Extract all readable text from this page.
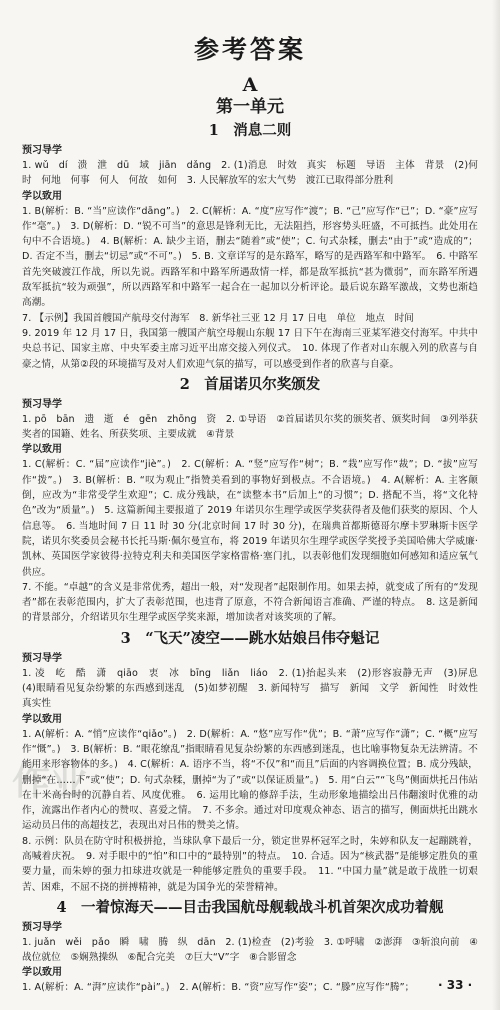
参考答案
A
第一单元
1　消息二则
预习导学

1. wǔ　dí　溃　泄　dū　域　jiān　dǎng　2. (1)消息　时效　真实　标题　导语　主体　背景　(2)何时　何地　何事　何人　何故　如何　3. 人民解放军的宏大气势　渡江已取得部分胜利

学以致用

1. B(解析：B. “当”应读作“dāng”。)　2. C(解析：A. “度”应写作“渡”；B. “己”应写作“已”；D. “豪”应写作“毫”。)　3. D(解析：D. “锐不可当”的意思是锋利无比，无法阻挡，形容势头旺盛，不可抵挡。此处用在句中不合语境。)　4. B(解析：A. 缺少主语，删去“随着”或“使”；C. 句式杂糅，删去“由于”或“造成的”；D. 否定不当，删去“切忌”或“不可”。)　5. B. 文章详写的是东路军，略写的是西路军和中路军。　6. 中路军首先突破渡江作战，所以先说。西路军和中路军所遇敌情一样，都是敌军抵抗“甚为微弱”，而东路军所遇敌军抵抗“较为顽强”，所以西路军和中路军一起合在一起加以分析评论。最后说东路军激战，文势也渐趋高潮。

7. 【示例】我国首艘国产航母交付海军　8. 新华社三亚 12 月 17 日电　单位　地点　时间

9. 2019 年 12 月 17 日，我国第一艘国产航空母舰山东舰 17 日下午在海南三亚某军港交付海军。中共中央总书记、国家主席、中央军委主席习近平出席交接入列仪式。　10. 体现了作者对山东舰入列的欣喜与自豪之情，从第②段的环境描写及对人们欢迎气氛的描写，可以感受到作者的欣喜与自豪。

2　首届诺贝尔奖颁发
预习导学

1. pō　bān　遗　逝　é　gēn　zhōng　资　2. ①导语　②首届诺贝尔奖的颁奖者、颁奖时间　③列举获奖者的国籍、姓名、所获奖项、主要成就　④背景

学以致用

1. C(解析：C. “届”应读作“jiè”。)　2. C(解析：A. “竖”应写作“树”；B. “栽”应写作“裁”；D. “拔”应写作“拨”。)　3. B(解析：B. “叹为观止”指赞美看到的事物好到极点。不合语境。)　4. A(解析：A. 主客颠倒，应改为“非常受学生欢迎”；C. 成分残缺，在“读整本书”后加上“的习惯”；D. 搭配不当，将“文化特色”改为“质量”。)　5. 这篇新闻主要报道了 2019 年诺贝尔生理学或医学奖获得者及他们获奖的原因、个人信息等。　6. 当地时间 7 日 11 时 30 分(北京时间 17 时 30 分)，在瑞典首都斯德哥尔摩卡罗琳斯卡医学院，诺贝尔奖委员会秘书长托马斯·佩尔曼宣布，将 2019 年诺贝尔生理学或医学奖授予美国哈佛大学威廉·凯林、英国医学家彼得·拉特克利夫和美国医学家格雷格·塞门扎，以表彰他们发现细胞如何感知和适应氧气供应。

7. 不能。“卓越”的含义是非常优秀，超出一般，对“发现者”起限制作用。如果去掉，就变成了所有的“发现者”都在表彰范围内，扩大了表彰范围，也违背了原意，不符合新闻语言准确、严谨的特点。　8. 这是新闻的背景部分，介绍诺贝尔生理学或医学奖来源，增加读者对该奖项的了解。

3　“飞天”凌空——跳水姑娘吕伟夺魁记
预习导学

1. 凌　屹　酷　潇　qiāo　衷　冰　bīng　liǎn　liáo　2. (1)抬起头来　(2)形容寂静无声　(3)屏息　(4)眼睛看见复杂纷繁的东西感到迷乱　(5)如梦初醒　3. 新闻特写　描写　新闻　文学　新闻性　时效性　真实性

学以致用

1. A(解析：A. “悄”应读作“qiǎo”。)　2. D(解析：A. “悠”应写作“优”；B. “萧”应写作“潇”；C. “概”应写作“慨”。)　3. B(解析：B. “眼花缭乱”指眼睛看见复杂纷繁的东西感到迷乱，也比喻事物复杂无法辨清。不能用来形容物体的多。)　4. C(解析：A. 语序不当，将“不仅”和“而且”后面的内容调换位置；B. 成分残缺，删掉“在……下”或“使”；D. 句式杂糅，删掉“为了”或“以保证质量”。)　5. 用“白云”“飞鸟”侧面烘托吕伟站在十米高台时的沉静自若、风度优雅。　6. 运用比喻的修辞手法，生动形象地描绘出吕伟翻滚时优雅的动作，流露出作者内心的赞叹、喜爱之情。　7. 不多余。通过对印度观众神态、语言的描写，侧面烘托出跳水运动员吕伟的高超技艺，表现出对吕伟的赞美之情。

8. 示例：队员在防守时积极拼抢，当球队拿下最后一分，锁定世界杯冠军之时，朱婷和队友一起蹦跳着，高喊着庆祝。　9. 对手眼中的“怕”和口中的“最特别”的特点。　10. 合适。因为“核武器”是能够定胜负的重要力量，而朱婷的强力扣球进攻就是一种能够定胜负的重要手段。　11. “中国力量”就是敢于战胜一切艰苦、困难，不屈不挠的拼搏精神，就是为国争光的荣誉精神。

4　一着惊海天——目击我国航母舰载战斗机首架次成功着舰
预习导学

1. juǎn　wěi　pǎo　瞬　啸　腾　纵　dān　2. (1)检查　(2)考验　3. ①呼啸　②澎湃　③斩浪向前　④战位就位　⑤娴熟操纵　⑥配合完美　⑦巨大“V”字　⑧合影留念

学以致用

1. A(解析：A. “湃”应读作“pài”。)　2. A(解析：B. “资”应写作“姿”；C. “滕”应写作“腾”；

作业
· 33 ·
